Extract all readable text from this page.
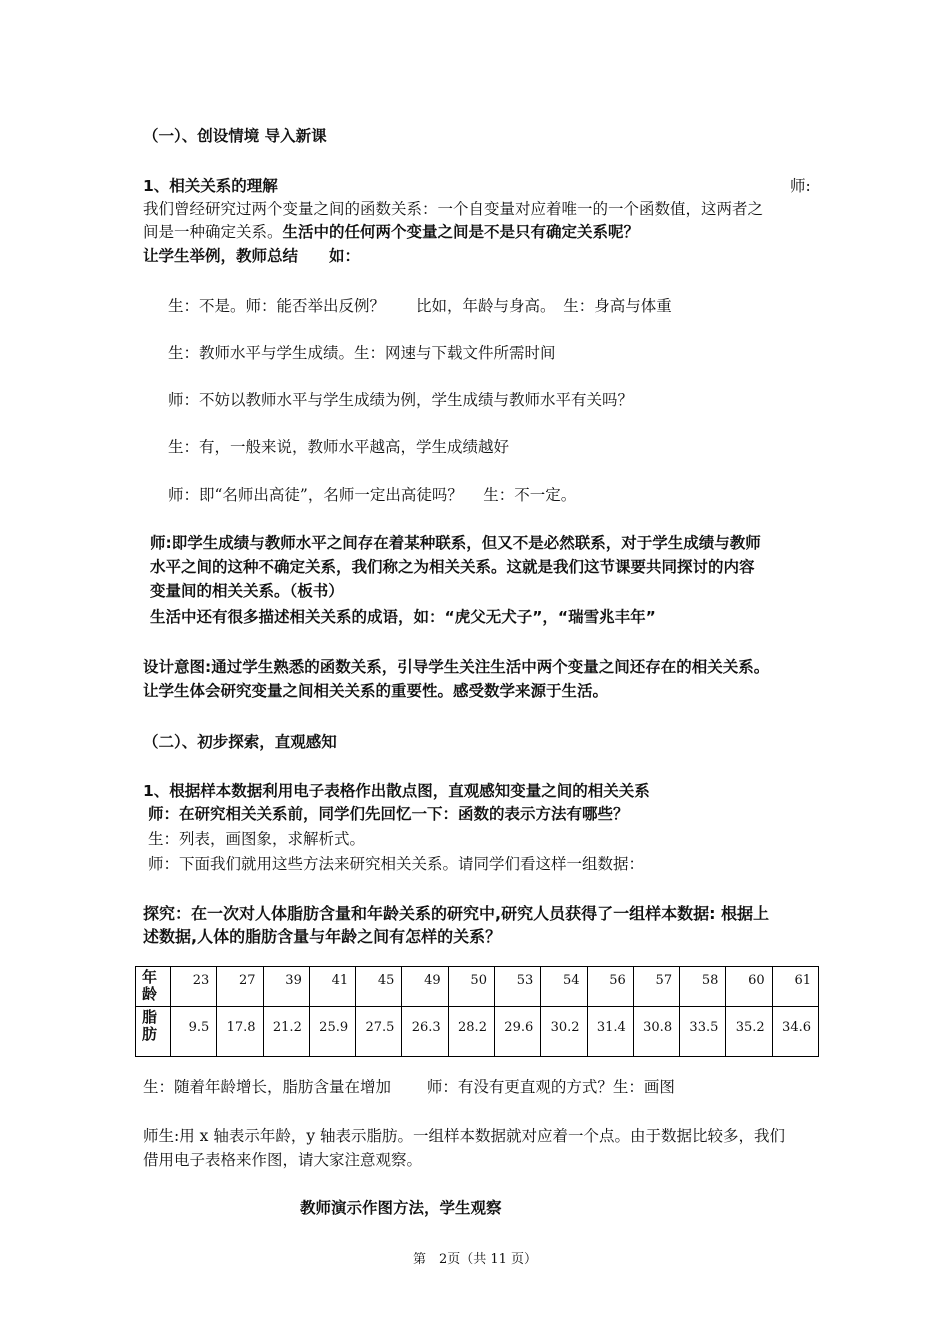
（一）、创设情境 导入新课
1、相关关系的理解	师:
我们曾经研究过两个变量之间的函数关系：一个自变量对应着唯一的一个函数值，这两者之
间是一种确定关系。生活中的任何两个变量之间是不是只有确定关系呢？
让学生举例，教师总结　　如：
生：不是。师：能否举出反例？　　比如，年龄与身高。　生：身高与体重
生：教师水平与学生成绩。生：网速与下载文件所需时间
师：不妨以教师水平与学生成绩为例，学生成绩与教师水平有关吗？
生：有，一般来说，教师水平越高，学生成绩越好
师：即“名师出高徒”，名师一定出高徒吗？　 生：不一定。
师:即学生成绩与教师水平之间存在着某种联系，但又不是必然联系，对于学生成绩与教师
水平之间的这种不确定关系，我们称之为相关关系。这就是我们这节课要共同探讨的内容
变量间的相关关系。（板书）
生活中还有很多描述相关关系的成语，如：“虎父无犬子”，“瑞雪兆丰年”
设计意图:通过学生熟悉的函数关系，引导学生关注生活中两个变量之间还存在的相关关系。
让学生体会研究变量之间相关关系的重要性。感受数学来源于生活。
（二）、初步探索，直观感知
1、根据样本数据利用电子表格作出散点图，直观感知变量之间的相关关系
师：在研究相关关系前，同学们先回忆一下：函数的表示方法有哪些？
生：列表，画图象，求解析式。
师：下面我们就用这些方法来研究相关关系。请同学们看这样一组数据：
探究：在一次对人体脂肪含量和年龄关系的研究中,研究人员获得了一组样本数据: 根据上
述数据,人体的脂肪含量与年龄之间有怎样的关系？
年龄	23	27	39	41	45	49	50	53	54	56	57	58	60	61
脂肪	9.5	17.8	21.2	25.9	27.5	26.3	28.2	29.6	30.2	31.4	30.8	33.5	35.2	34.6
生：随着年龄增长，脂肪含量在增加　　 师：有没有更直观的方式？生：画图
师生:用 x 轴表示年龄，y 轴表示脂肪。一组样本数据就对应着一个点。由于数据比较多，我们
借用电子表格来作图，请大家注意观察。
教师演示作图方法，学生观察
第　2页（共 11 页）
